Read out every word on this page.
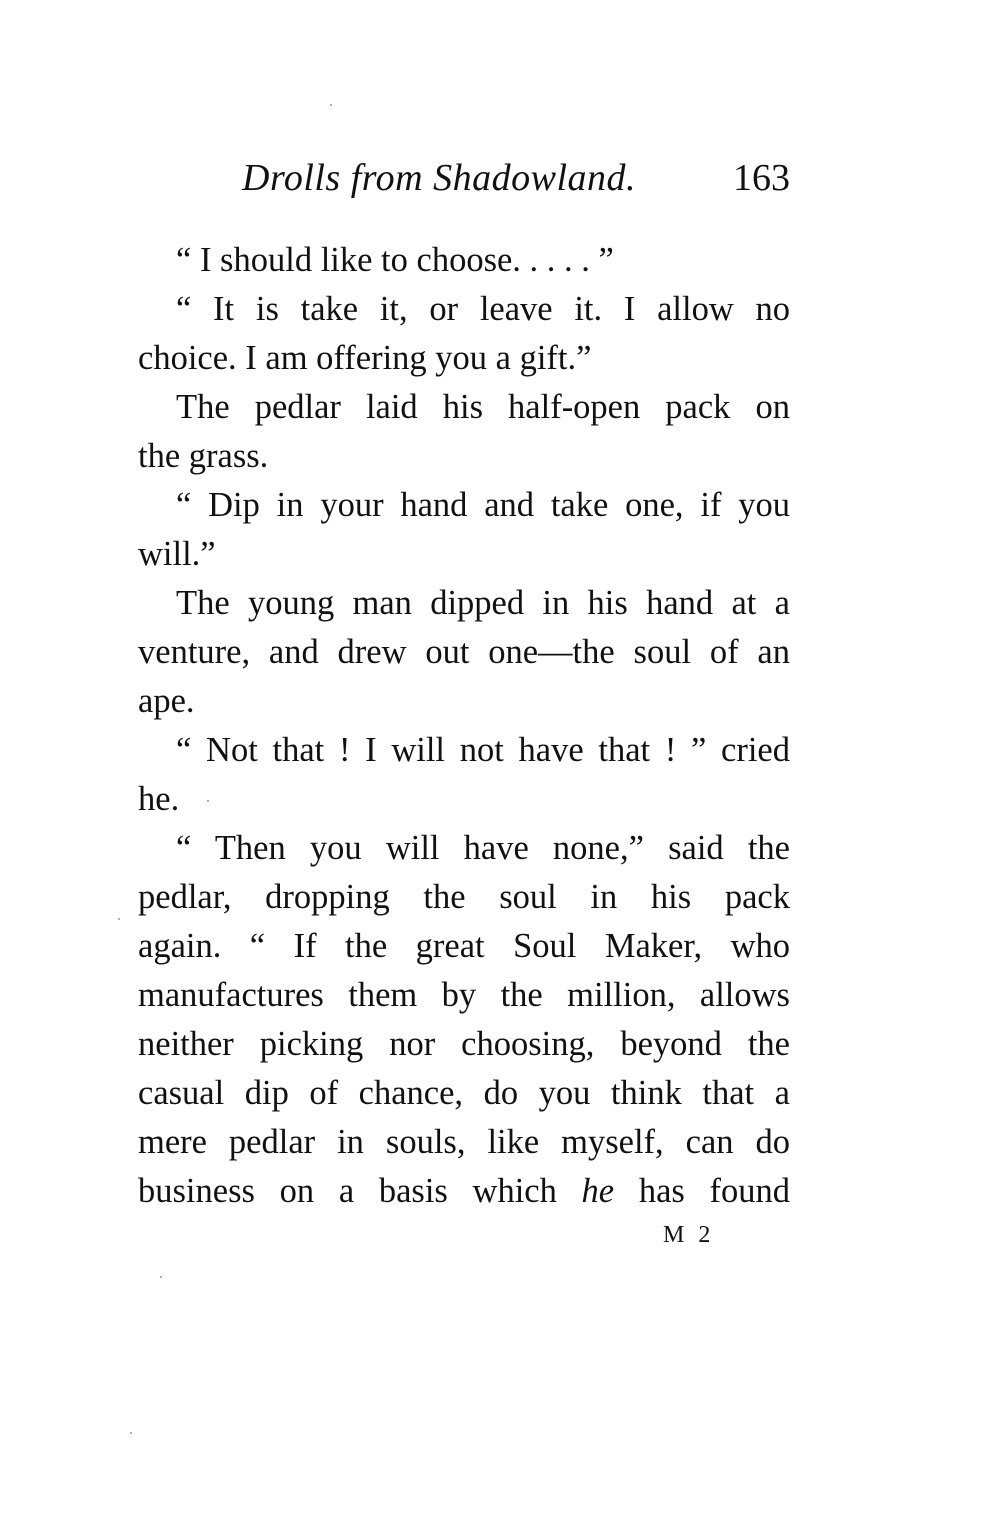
Drolls from Shadowland.	163
“ I should like to choose. . . . . ”
“ It is take it, or leave it. I allow no
choice. I am offering you a gift.”
The pedlar laid his half-open pack on
the grass.
“ Dip in your hand and take one, if you
will.”
The young man dipped in his hand at a
venture, and drew out one—the soul of an
ape.
“ Not that ! I will not have that ! ” cried
he.
“ Then you will have none,” said the
pedlar, dropping the soul in his pack
again. “ If the great Soul Maker, who
manufactures them by the million, allows
neither picking nor choosing, beyond the
casual dip of chance, do you think that a
mere pedlar in souls, like myself, can do
business on a basis which he has found
M 2
